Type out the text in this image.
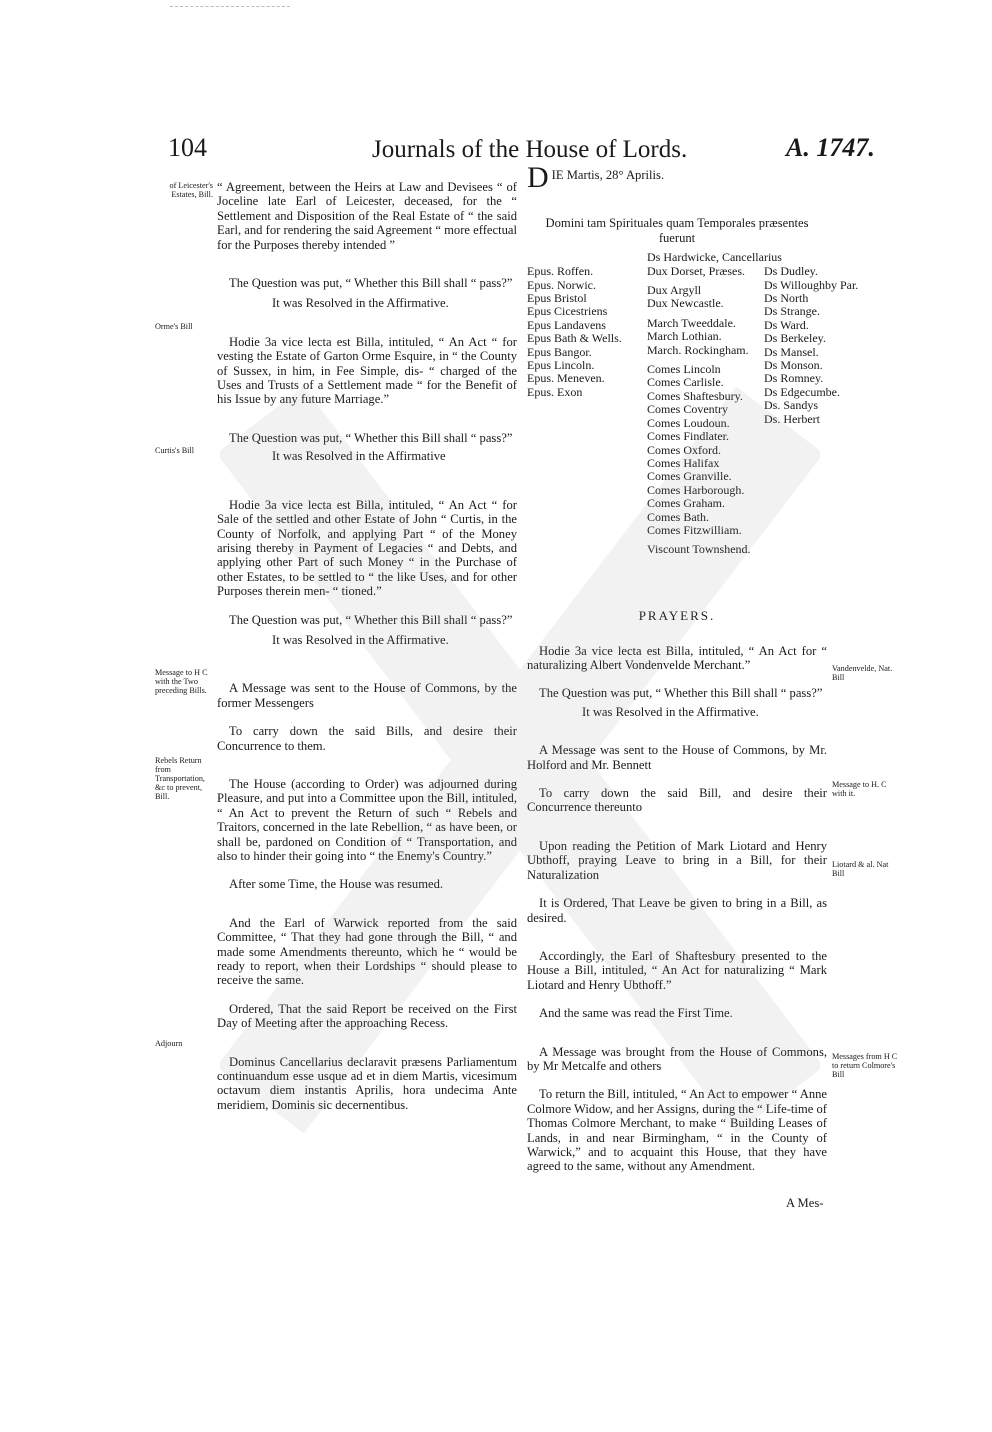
104	Journals of the House of Lords.	A. 1747.
of Leicester's Estates, Bill.
Orme's Bill
Curtis's Bill
Message to H C with the Two preceding Bills.
Rebels Return from Transportation, &c to prevent, Bill.
Adjourn

“ Agreement, between the Heirs at Law and Devisees “ of Joceline late Earl of Leicester, deceased, for the “ Settlement and Disposition of the Real Estate of “ the said Earl, and for rendering the said Agreement “ more effectual for the Purposes thereby intended ”

The Question was put, “ Whether this Bill shall “ pass?”

It was Resolved in the Affirmative.

Hodie 3a vice lecta est Billa, intituled, “ An Act “ for vesting the Estate of Garton Orme Esquire, in “ the County of Sussex, in him, in Fee Simple, dis- “ charged of the Uses and Trusts of a Settlement made “ for the Benefit of his Issue by any future Marriage.”

The Question was put, “ Whether this Bill shall “ pass?”

It was Resolved in the Affirmative

Hodie 3a vice lecta est Billa, intituled, “ An Act “ for Sale of the settled and other Estate of John “ Curtis, in the County of Norfolk, and applying Part “ of the Money arising thereby in Payment of Legacies “ and Debts, and applying other Part of such Money “ in the Purchase of other Estates, to be settled to “ the like Uses, and for other Purposes therein men- “ tioned.”

The Question was put, “ Whether this Bill shall “ pass?”

It was Resolved in the Affirmative.

A Message was sent to the House of Commons, by the former Messengers

To carry down the said Bills, and desire their Concurrence to them.

The House (according to Order) was adjourned during Pleasure, and put into a Committee upon the Bill, intituled, “ An Act to prevent the Return of such “ Rebels and Traitors, concerned in the late Rebellion, “ as have been, or shall be, pardoned on Condition of “ Transportation, and also to hinder their going into “ the Enemy's Country.”

After some Time, the House was resumed.

And the Earl of Warwick reported from the said Committee, “ That they had gone through the Bill, “ and made some Amendments thereunto, which he “ would be ready to report, when their Lordships “ should please to receive the same.

Ordered, That the said Report be received on the First Day of Meeting after the approaching Recess.

Dominus Cancellarius declaravit præsens Parliamentum continuandum esse usque ad et in diem Martis, vicesimum octavum diem instantis Aprilis, hora undecima Ante meridiem, Dominis sic decernentibus.

D IE Martis, 28° Aprilis.
Domini tam Spirituales quam Temporales præsentes fuerunt
Epus. Roffen.
Epus. Norwic.
Epus Bristol
Epus Cicestriens
Epus Landavens
Epus Bath & Wells.
Epus Bangor.
Epus Lincoln.
Epus. Meneven.
Epus. Exon
Ds Hardwicke, Cancellarius
Dux Dorset, Præses.

Dux Argyll
Dux Newcastle.

March Tweeddale.
March Lothian.
March. Rockingham.

Comes Lincoln
Comes Carlisle.
Comes Shaftesbury.
Comes Coventry
Comes Loudoun.
Comes Findlater.
Comes Oxford.
Comes Halifax
Comes Granville.
Comes Harborough.
Comes Graham.
Comes Bath.
Comes Fitzwilliam.

Viscount Townshend.
Ds Dudley.
Ds Willoughby Par.
Ds North
Ds Strange.
Ds Ward.
Ds Berkeley.
Ds Mansel.
Ds Monson.
Ds Romney.
Ds Edgecumbe.
Ds. Sandys
Ds. Herbert
PRAYERS.

Hodie 3a vice lecta est Billa, intituled, “ An Act for “ naturalizing Albert Vondenvelde Merchant.”

The Question was put, “ Whether this Bill shall “ pass?”

It was Resolved in the Affirmative.

A Message was sent to the House of Commons, by Mr. Holford and Mr. Bennett

To carry down the said Bill, and desire their Concurrence thereunto

Upon reading the Petition of Mark Liotard and Henry Ubthoff, praying Leave to bring in a Bill, for their Naturalization

It is Ordered, That Leave be given to bring in a Bill, as desired.

Accordingly, the Earl of Shaftesbury presented to the House a Bill, intituled, “ An Act for naturalizing “ Mark Liotard and Henry Ubthoff.”

And the same was read the First Time.

A Message was brought from the House of Commons, by Mr Metcalfe and others

To return the Bill, intituled, “ An Act to empower “ Anne Colmore Widow, and her Assigns, during the “ Life-time of Thomas Colmore Merchant, to make “ Building Leases of Lands, in and near Birmingham, “ in the County of Warwick,” and to acquaint this House, that they have agreed to the same, without any Amendment.

Vandenvelde, Nat. Bill
Message to H. C with it.
Liotard & al. Nat Bill
Messages from H C to return Colmore's Bill
A Mes-
